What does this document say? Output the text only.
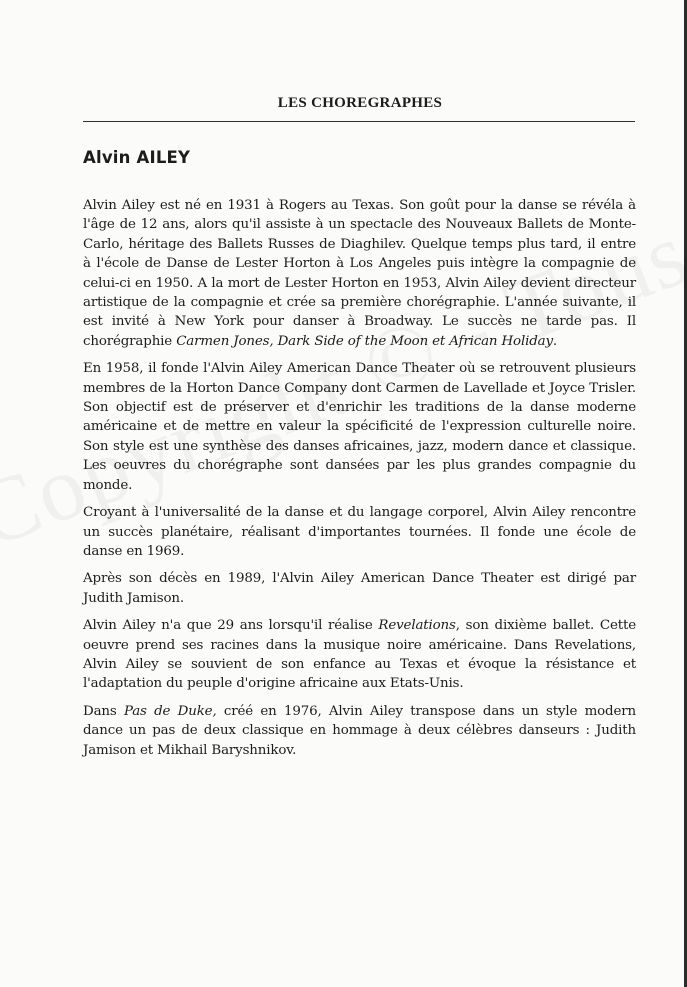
LES CHOREGRAPHES
Alvin AILEY

Alvin Ailey est né en 1931 à Rogers au Texas. Son goût pour la danse se révéla à l'âge de 12 ans, alors qu'il assiste à un spectacle des Nouveaux Ballets de Monte-Carlo, héritage des Ballets Russes de Diaghilev. Quelque temps plus tard, il entre à l'école de Danse de Lester Horton à Los Angeles puis intègre la compagnie de celui-ci en 1950. A la mort de Lester Horton en 1953, Alvin Ailey devient directeur artistique de la compagnie et crée sa première chorégraphie. L'année suivante, il est invité à New York pour danser à Broadway. Le succès ne tarde pas. Il chorégraphie Carmen Jones, Dark Side of the Moon et African Holiday.

En 1958, il fonde l'Alvin Ailey American Dance Theater où se retrouvent plusieurs membres de la Horton Dance Company dont Carmen de Lavellade et Joyce Trisler. Son objectif est de préserver et d'enrichir les traditions de la danse moderne américaine et de mettre en valeur la spécificité de l'expression culturelle noire. Son style est une synthèse des danses africaines, jazz, modern dance et classique. Les oeuvres du chorégraphe sont dansées par les plus grandes compagnie du monde.

Croyant à l'universalité de la danse et du langage corporel, Alvin Ailey rencontre un succès planétaire, réalisant d'importantes tournées. Il fonde une école de danse en 1969.

Après son décès en 1989, l'Alvin Ailey American Dance Theater est dirigé par Judith Jamison.

Alvin Ailey n'a que 29 ans lorsqu'il réalise Revelations, son dixième ballet. Cette oeuvre prend ses racines dans la musique noire américaine. Dans Revelations, Alvin Ailey se souvient de son enfance au Texas et évoque la résistance et l'adaptation du peuple d'origine africaine aux Etats-Unis.

Dans Pas de Duke, créé en 1976, Alvin Ailey transpose dans un style modern dance un pas de deux classique en hommage à deux célèbres danseurs : Judith Jamison et Mikhail Baryshnikov.
